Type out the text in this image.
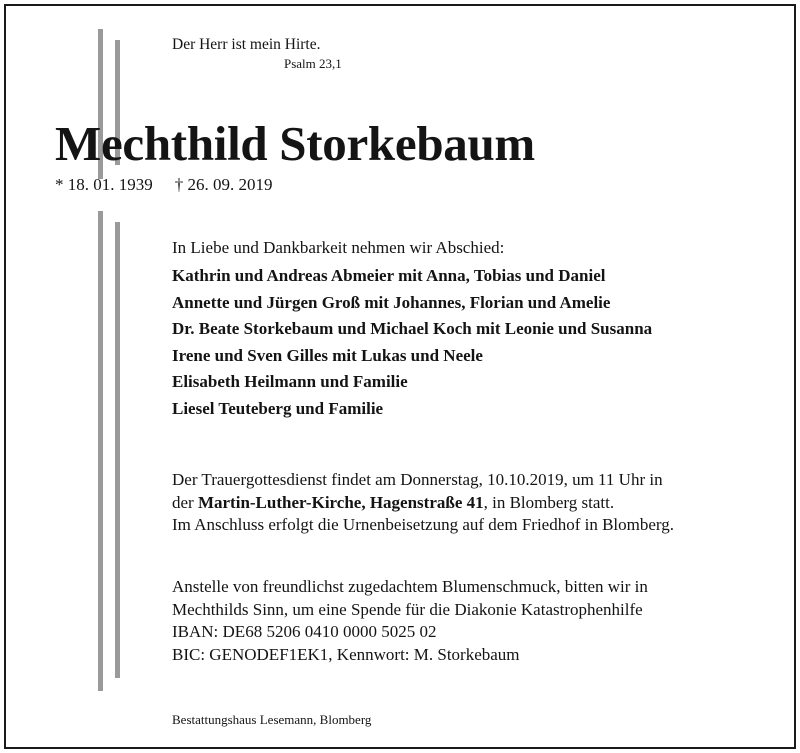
Der Herr ist mein Hirte.
Psalm 23,1
Mechthild Storkebaum
* 18. 01. 1939 † 26. 09. 2019
In Liebe und Dankbarkeit nehmen wir Abschied:
Kathrin und Andreas Abmeier mit Anna, Tobias und Daniel
Annette und Jürgen Groß mit Johannes, Florian und Amelie
Dr. Beate Storkebaum und Michael Koch mit Leonie und Susanna
Irene und Sven Gilles mit Lukas und Neele
Elisabeth Heilmann und Familie
Liesel Teuteberg und Familie
Der Trauergottesdienst findet am Donnerstag, 10.10.2019, um 11 Uhr in
der Martin-Luther-Kirche, Hagenstraße 41, in Blomberg statt.
Im Anschluss erfolgt die Urnenbeisetzung auf dem Friedhof in Blomberg.
Anstelle von freundlichst zugedachtem Blumenschmuck, bitten wir in
Mechthilds Sinn, um eine Spende für die Diakonie Katastrophenhilfe
IBAN: DE68 5206 0410 0000 5025 02
BIC: GENODEF1EK1, Kennwort: M. Storkebaum
Bestattungshaus Lesemann, Blomberg
